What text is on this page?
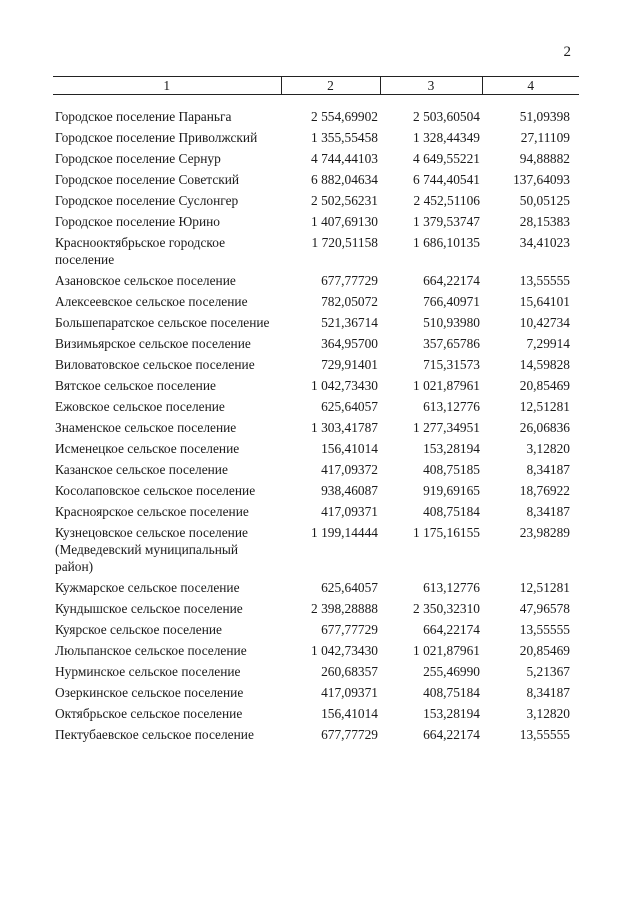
2
1	2	3	4
Городское поселение Параньга	2 554,69902	2 503,60504	51,09398
Городское поселение Приволжский	1 355,55458	1 328,44349	27,11109
Городское поселение Сернур	4 744,44103	4 649,55221	94,88882
Городское поселение Советский	6 882,04634	6 744,40541	137,64093
Городское поселение Суслонгер	2 502,56231	2 452,51106	50,05125
Городское поселение Юрино	1 407,69130	1 379,53747	28,15383
Краснооктябрьское городское поселение	1 720,51158	1 686,10135	34,41023
Азановское сельское поселение	677,77729	664,22174	13,55555
Алексеевское сельское поселение	782,05072	766,40971	15,64101
Большепаратское сельское поселение	521,36714	510,93980	10,42734
Визимьярское сельское поселение	364,95700	357,65786	7,29914
Виловатовское сельское поселение	729,91401	715,31573	14,59828
Вятское сельское поселение	1 042,73430	1 021,87961	20,85469
Ежовское сельское поселение	625,64057	613,12776	12,51281
Знаменское сельское поселение	1 303,41787	1 277,34951	26,06836
Исменецкое сельское поселение	156,41014	153,28194	3,12820
Казанское сельское поселение	417,09372	408,75185	8,34187
Косолаповское сельское поселение	938,46087	919,69165	18,76922
Красноярское сельское поселение	417,09371	408,75184	8,34187
Кузнецовское сельское поселение (Медведевский муниципальный район)	1 199,14444	1 175,16155	23,98289
Кужмарское сельское поселение	625,64057	613,12776	12,51281
Кундышское сельское поселение	2 398,28888	2 350,32310	47,96578
Куярское сельское поселение	677,77729	664,22174	13,55555
Люльпанское сельское поселение	1 042,73430	1 021,87961	20,85469
Нурминское сельское поселение	260,68357	255,46990	5,21367
Озеркинское сельское поселение	417,09371	408,75184	8,34187
Октябрьское сельское поселение	156,41014	153,28194	3,12820
Пектубаевское сельское поселение	677,77729	664,22174	13,55555
